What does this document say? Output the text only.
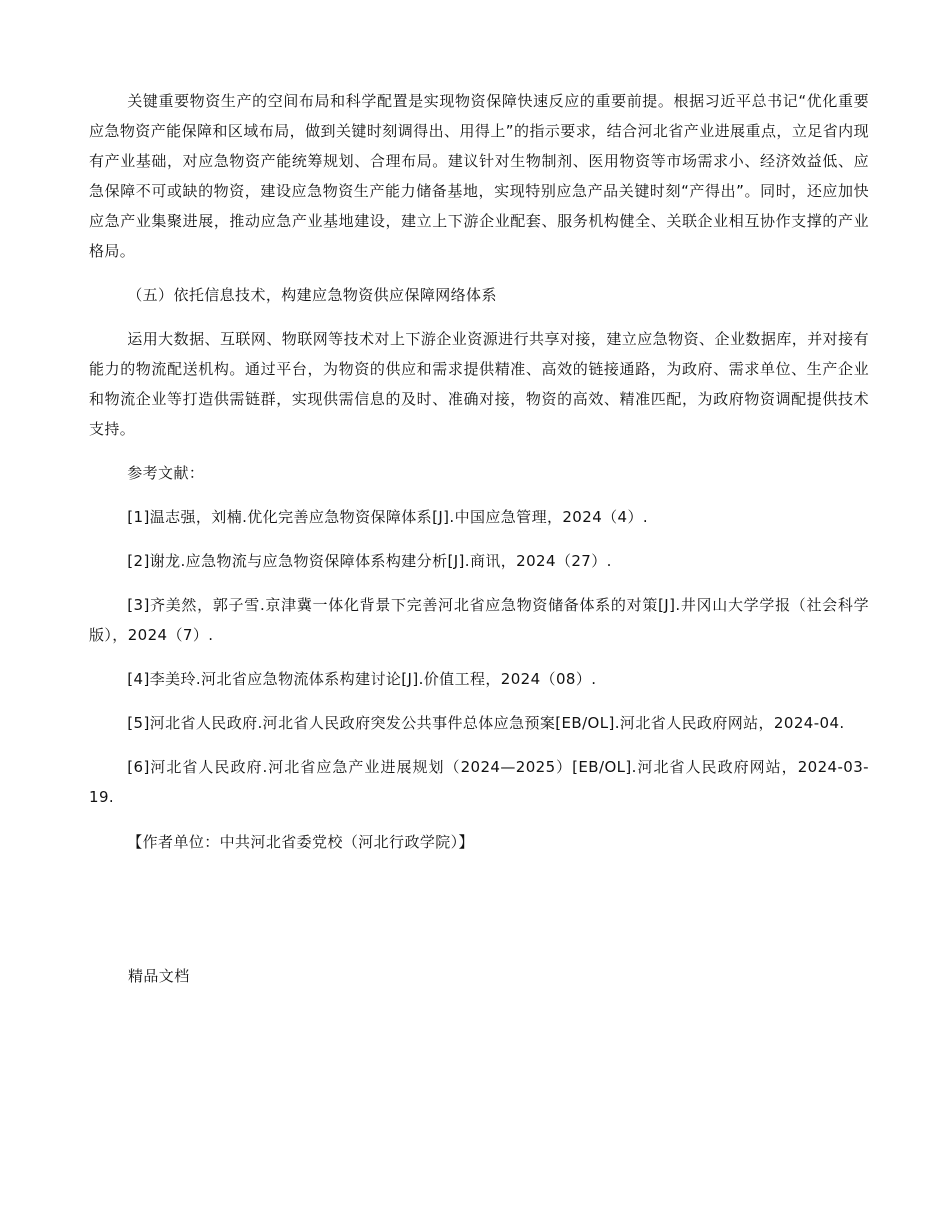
关键重要物资生产的空间布局和科学配置是实现物资保障快速反应的重要前提。根据习近平总书记“优化重要应急物资产能保障和区域布局，做到关键时刻调得出、用得上”的指示要求，结合河北省产业进展重点，立足省内现有产业基础，对应急物资产能统筹规划、合理布局。建议针对生物制剂、医用物资等市场需求小、经济效益低、应急保障不可或缺的物资，建设应急物资生产能力储备基地，实现特别应急产品关键时刻“产得出”。同时，还应加快应急产业集聚进展，推动应急产业基地建设，建立上下游企业配套、服务机构健全、关联企业相互协作支撑的产业格局。

（五）依托信息技术，构建应急物资供应保障网络体系

运用大数据、互联网、物联网等技术对上下游企业资源进行共享对接，建立应急物资、企业数据库，并对接有能力的物流配送机构。通过平台，为物资的供应和需求提供精准、高效的链接通路，为政府、需求单位、生产企业和物流企业等打造供需链群，实现供需信息的及时、准确对接，物资的高效、精准匹配，为政府物资调配提供技术支持。

参考文献：

[1]温志强，刘楠.优化完善应急物资保障体系[J].中国应急管理，2024（4）.

[2]谢龙.应急物流与应急物资保障体系构建分析[J].商讯，2024（27）.

[3]齐美然，郭子雪.京津冀一体化背景下完善河北省应急物资储备体系的对策[J].井冈山大学学报（社会科学版），2024（7）.

[4]李美玲.河北省应急物流体系构建讨论[J].价值工程，2024（08）.

[5]河北省人民政府.河北省人民政府突发公共事件总体应急预案[EB/OL].河北省人民政府网站，2024-04.

[6]河北省人民政府.河北省应急产业进展规划（2024—2025）[EB/OL].河北省人民政府网站，2024-03-19.

【作者单位：中共河北省委党校（河北行政学院）】

精品文档
